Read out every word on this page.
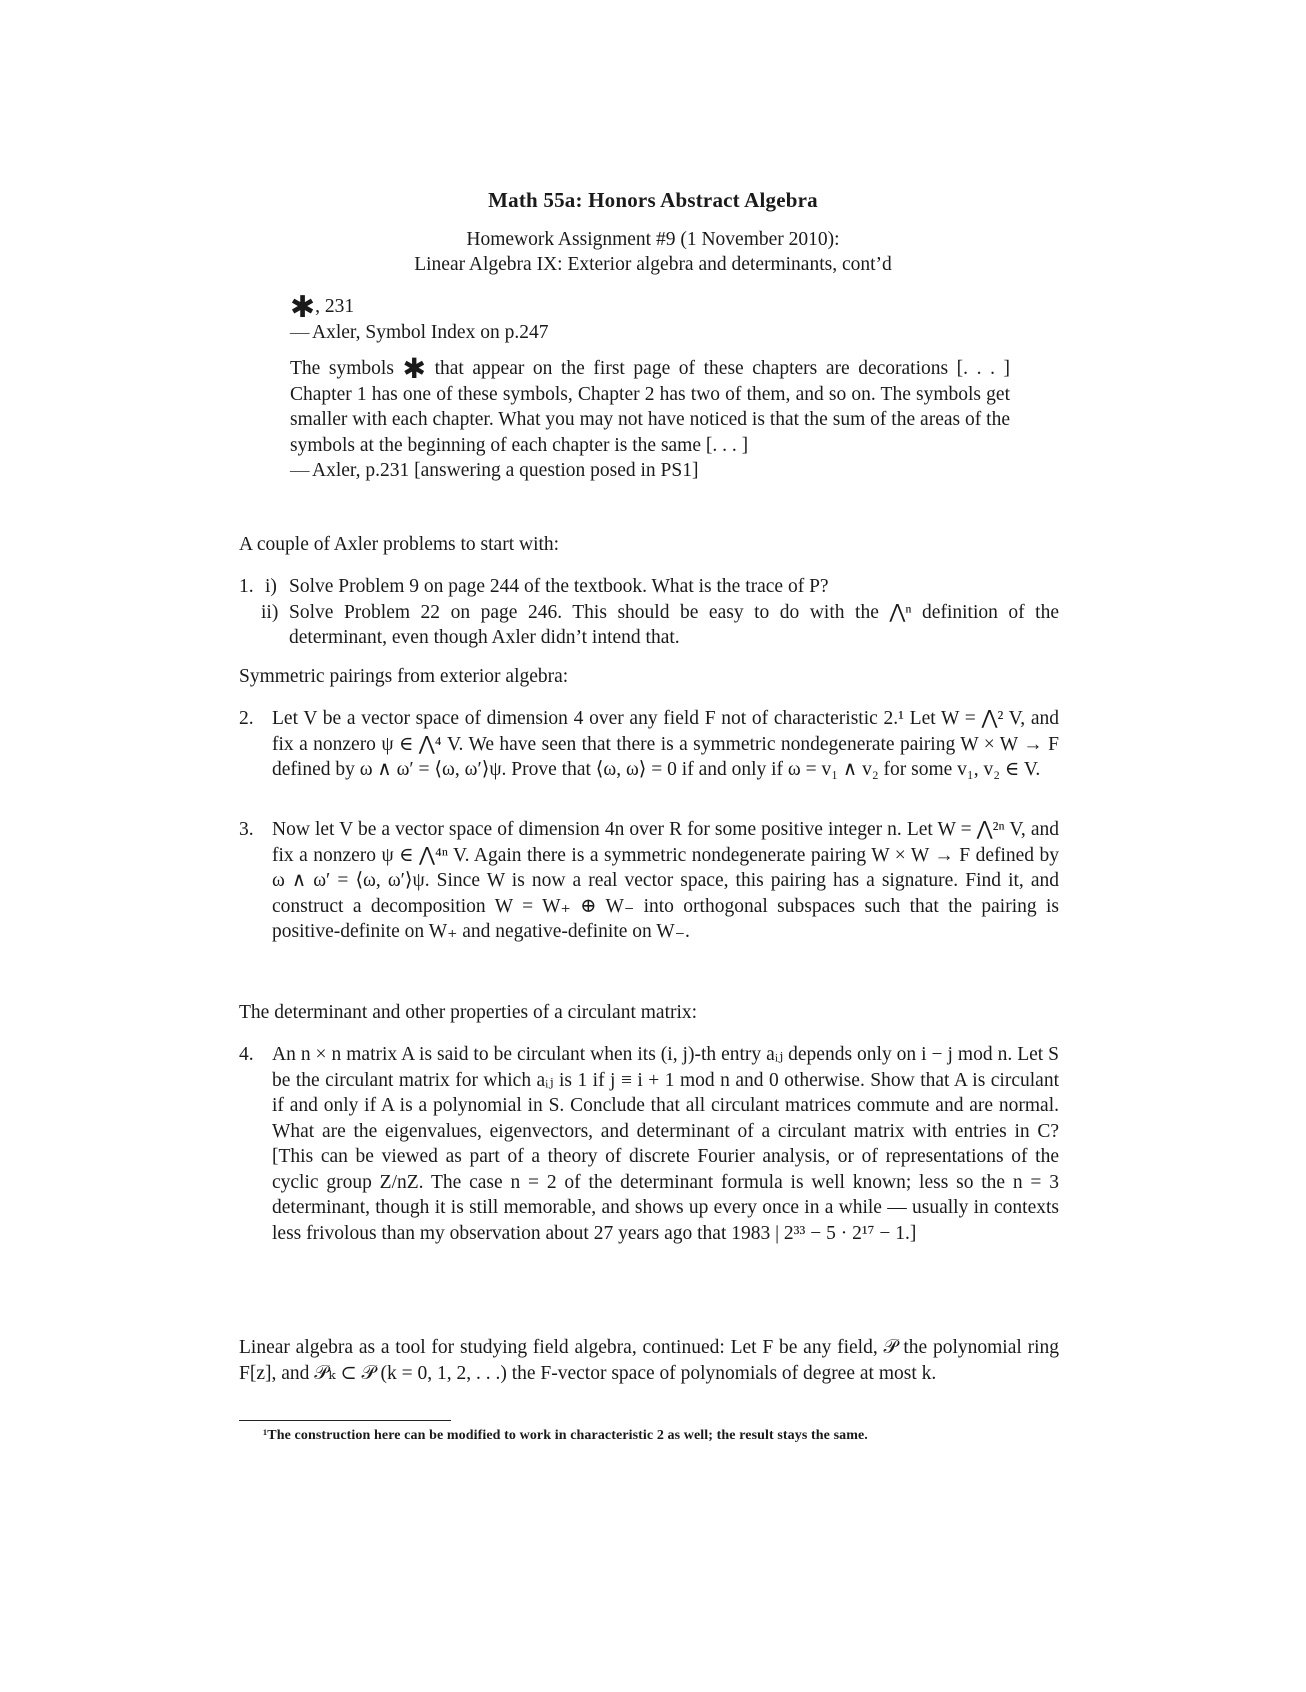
Math 55a: Honors Abstract Algebra
Homework Assignment #9 (1 November 2010):
Linear Algebra IX: Exterior algebra and determinants, cont’d
✱, 231
— Axler, Symbol Index on p.247
The symbols ✱ that appear on the first page of these chapters are decorations [. . . ] Chapter 1 has one of these symbols, Chapter 2 has two of them, and so on. The symbols get smaller with each chapter. What you may not have noticed is that the sum of the areas of the symbols at the beginning of each chapter is the same [. . . ]
— Axler, p.231 [answering a question posed in PS1]
A couple of Axler problems to start with:
1. i) Solve Problem 9 on page 244 of the textbook. What is the trace of P?
ii) Solve Problem 22 on page 246. This should be easy to do with the ⋀ⁿ definition of the determinant, even though Axler didn’t intend that.
Symmetric pairings from exterior algebra:
2. Let V be a vector space of dimension 4 over any field F not of characteristic 2.¹ Let W = ⋀² V, and fix a nonzero ψ ∈ ⋀⁴ V. We have seen that there is a symmetric nondegenerate pairing W × W → F defined by ω ∧ ω′ = ⟨ω, ω′⟩ψ. Prove that ⟨ω, ω⟩ = 0 if and only if ω = v₁ ∧ v₂ for some v₁, v₂ ∈ V.
3. Now let V be a vector space of dimension 4n over R for some positive integer n. Let W = ⋀²ⁿ V, and fix a nonzero ψ ∈ ⋀⁴ⁿ V. Again there is a symmetric nondegenerate pairing W × W → F defined by ω ∧ ω′ = ⟨ω, ω′⟩ψ. Since W is now a real vector space, this pairing has a signature. Find it, and construct a decomposition W = W₊ ⊕ W₋ into orthogonal subspaces such that the pairing is positive-definite on W₊ and negative-definite on W₋.
The determinant and other properties of a circulant matrix:
4. An n × n matrix A is said to be circulant when its (i, j)-th entry aᵢⱼ depends only on i − j mod n. Let S be the circulant matrix for which aᵢⱼ is 1 if j ≡ i + 1 mod n and 0 otherwise. Show that A is circulant if and only if A is a polynomial in S. Conclude that all circulant matrices commute and are normal. What are the eigenvalues, eigenvectors, and determinant of a circulant matrix with entries in C? [This can be viewed as part of a theory of discrete Fourier analysis, or of representations of the cyclic group Z/nZ. The case n = 2 of the determinant formula is well known; less so the n = 3 determinant, though it is still memorable, and shows up every once in a while — usually in contexts less frivolous than my observation about 27 years ago that 1983 | 2³³ − 5 · 2¹⁷ − 1.]
Linear algebra as a tool for studying field algebra, continued: Let F be any field, 𝒫 the polynomial ring F[z], and 𝒫ₖ ⊂ 𝒫 (k = 0, 1, 2, . . .) the F-vector space of polynomials of degree at most k.
¹The construction here can be modified to work in characteristic 2 as well; the result stays the same.
